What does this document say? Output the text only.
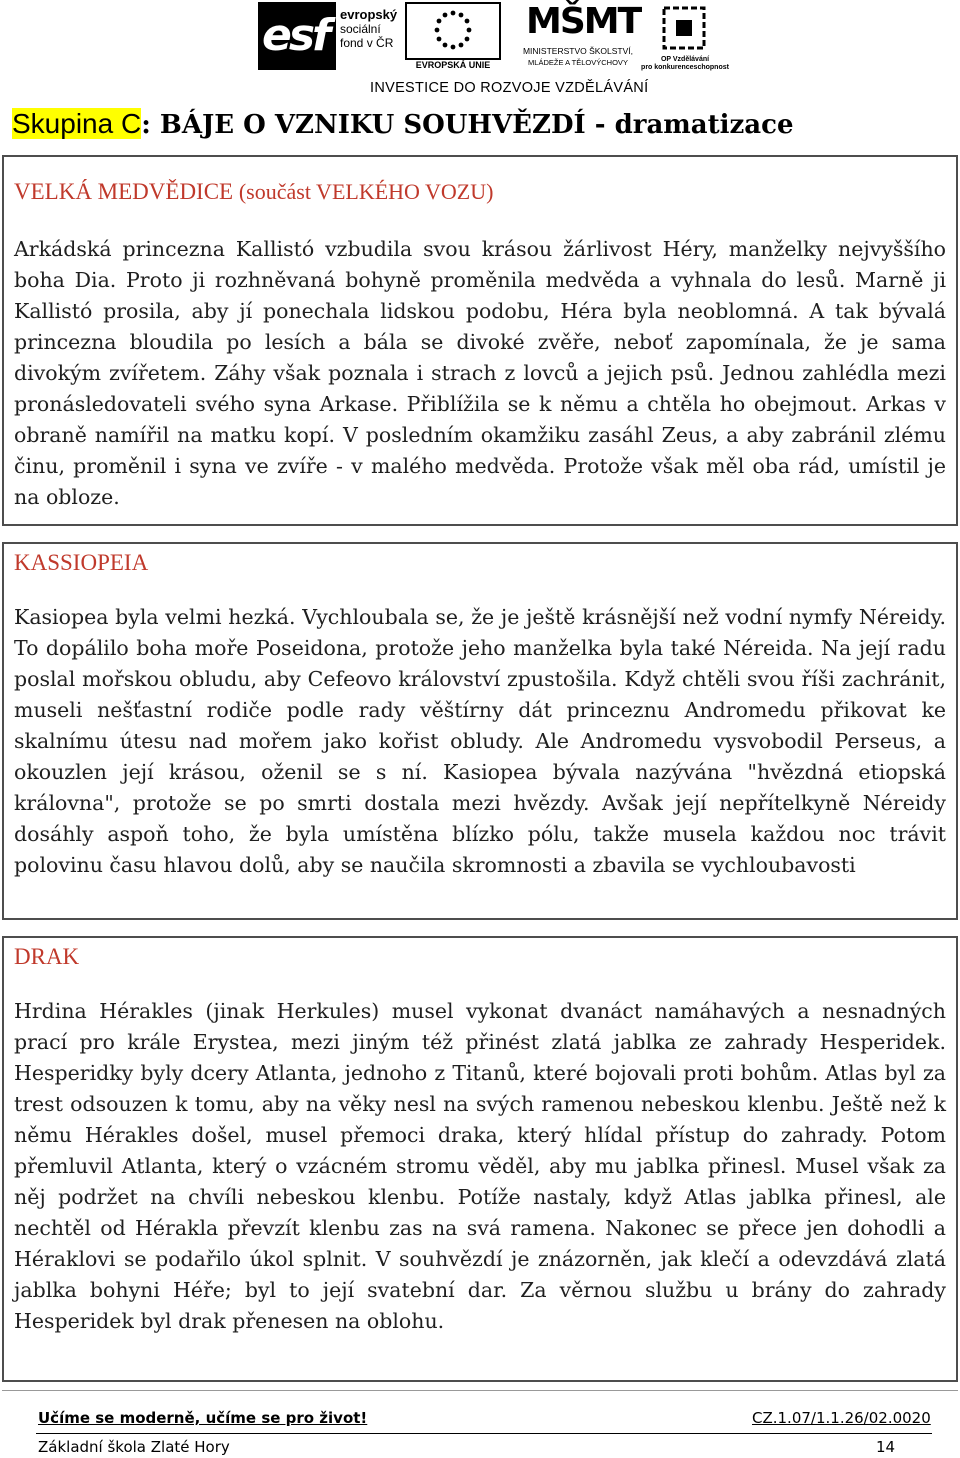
esf evropský
sociální
fond v ČR
EVROPSKÁ UNIE
MŠMT
MINISTERSTVO ŠKOLSTVÍ,
MLÁDEŽE A TĚLOVÝCHOVY	OP Vzdělávání
pro konkurenceschopnost
INVESTICE DO ROZVOJE VZDĚLÁVÁNÍ
Skupina C: BÁJE O VZNIKU SOUHVĚZDÍ - dramatizace
VELKÁ MEDVĚDICE (součást VELKÉHO VOZU)
Arkádská princezna Kallistó vzbudila svou krásou žárlivost Héry, manželky nejvyššího boha Dia. Proto ji rozhněvaná bohyně proměnila medvěda a vyhnala do lesů. Marně ji Kallistó prosila, aby jí ponechala lidskou podobu, Héra byla neoblomná. A tak bývalá princezna bloudila po lesích a bála se divoké zvěře, neboť zapomínala, že je sama divokým zvířetem. Záhy však poznala i strach z lovců a jejich psů. Jednou zahlédla mezi pronásledovateli svého syna Arkase. Přiblížila se k němu a chtěla ho obejmout. Arkas v obraně namířil na matku kopí. V posledním okamžiku zasáhl Zeus, a aby zabránil zlému činu, proměnil i syna ve zvíře - v malého medvěda. Protože však měl oba rád, umístil je na obloze.
KASSIOPEIA
Kasiopea byla velmi hezká. Vychloubala se, že je ještě krásnější než vodní nymfy Néreidy. To dopálilo boha moře Poseidona, protože jeho manželka byla také Néreida. Na její radu poslal mořskou obludu, aby Cefeovo království zpustošila. Když chtěli svou říši zachránit, museli nešťastní rodiče podle rady věštírny dát princeznu Andromedu přikovat ke skalnímu útesu nad mořem jako kořist obludy. Ale Andromedu vysvobodil Perseus, a okouzlen její krásou, oženil se s ní. Kasiopea bývala nazývána "hvězdná etiopská královna", protože se po smrti dostala mezi hvězdy. Avšak její nepřítelkyně Néreidy dosáhly aspoň toho, že byla umístěna blízko pólu, takže musela každou noc trávit polovinu času hlavou dolů, aby se naučila skromnosti a zbavila se vychloubavosti
DRAK
Hrdina Hérakles (jinak Herkules) musel vykonat dvanáct namáhavých a nesnadných prací pro krále Erystea, mezi jiným též přinést zlatá jablka ze zahrady Hesperidek. Hesperidky byly dcery Atlanta, jednoho z Titanů, které bojovali proti bohům. Atlas byl za trest odsouzen k tomu, aby na věky nesl na svých ramenou nebeskou klenbu. Ještě než k němu Hérakles došel, musel přemoci draka, který hlídal přístup do zahrady. Potom přemluvil Atlanta, který o vzácném stromu věděl, aby mu jablka přinesl. Musel však za něj podržet na chvíli nebeskou klenbu. Potíže nastaly, když Atlas jablka přinesl, ale nechtěl od Hérakla převzít klenbu zas na svá ramena. Nakonec se přece jen dohodli a Héraklovi se podařilo úkol splnit. V souhvězdí je znázorněn, jak klečí a odevzdává zlatá jablka bohyni Héře; byl to její svatební dar. Za věrnou službu u brány do zahrady Hesperidek byl drak přenesen na oblohu.
Učíme se moderně, učíme se pro život!	CZ.1.07/1.1.26/02.0020
Základní škola Zlaté Hory	14
